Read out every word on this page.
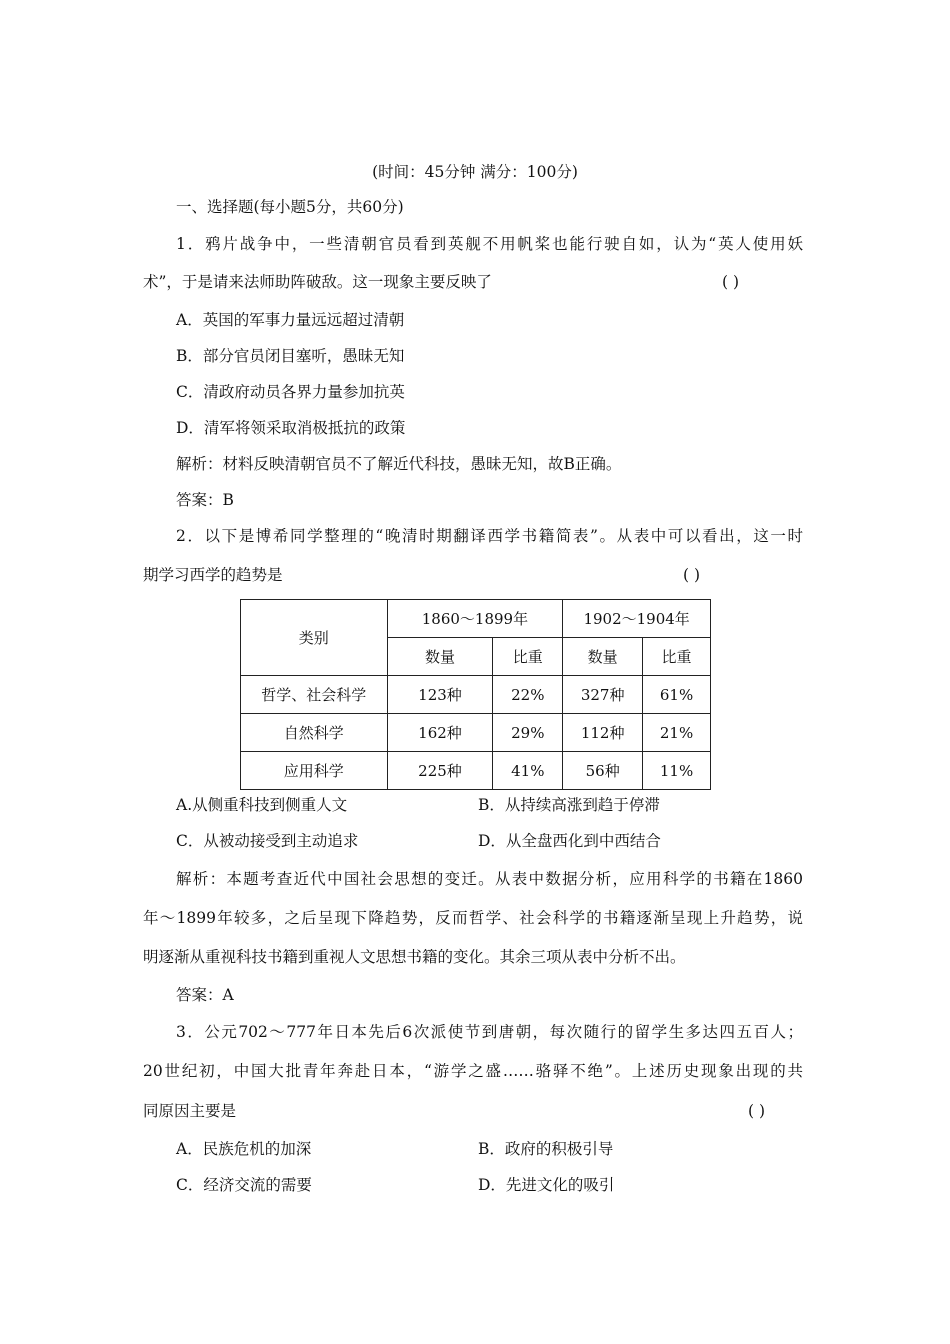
(时间：45分钟 满分：100分)
一、选择题(每小题5分，共60分)
1．鸦片战争中，一些清朝官员看到英舰不用帆桨也能行驶自如，认为“英人使用妖
术”，于是请来法师助阵破敌。这一现象主要反映了	( )
A．英国的军事力量远远超过清朝
B．部分官员闭目塞听，愚昧无知
C．清政府动员各界力量参加抗英
D．清军将领采取消极抵抗的政策
解析：材料反映清朝官员不了解近代科技，愚昧无知，故B正确。
答案：B
2．以下是博希同学整理的“晚清时期翻译西学书籍简表”。从表中可以看出，这一时
期学习西学的趋势是	( )
类别	1860～1899年		1902～1904年	
	数量	比重	数量	比重
哲学、社会科学	123种	22%	327种	61%
自然科学	162种	29%	112种	21%
应用科学	225种	41%	56种	11%
A.从侧重科技到侧重人文	B．从持续高涨到趋于停滞
C．从被动接受到主动追求	D．从全盘西化到中西结合
解析：本题考查近代中国社会思想的变迁。从表中数据分析，应用科学的书籍在1860
年～1899年较多，之后呈现下降趋势，反而哲学、社会科学的书籍逐渐呈现上升趋势，说
明逐渐从重视科技书籍到重视人文思想书籍的变化。其余三项从表中分析不出。
答案：A
3．公元702～777年日本先后6次派使节到唐朝，每次随行的留学生多达四五百人；
20世纪初，中国大批青年奔赴日本，“游学之盛……骆驿不绝”。上述历史现象出现的共
同原因主要是	( )
A．民族危机的加深	B．政府的积极引导
C．经济交流的需要	D．先进文化的吸引
